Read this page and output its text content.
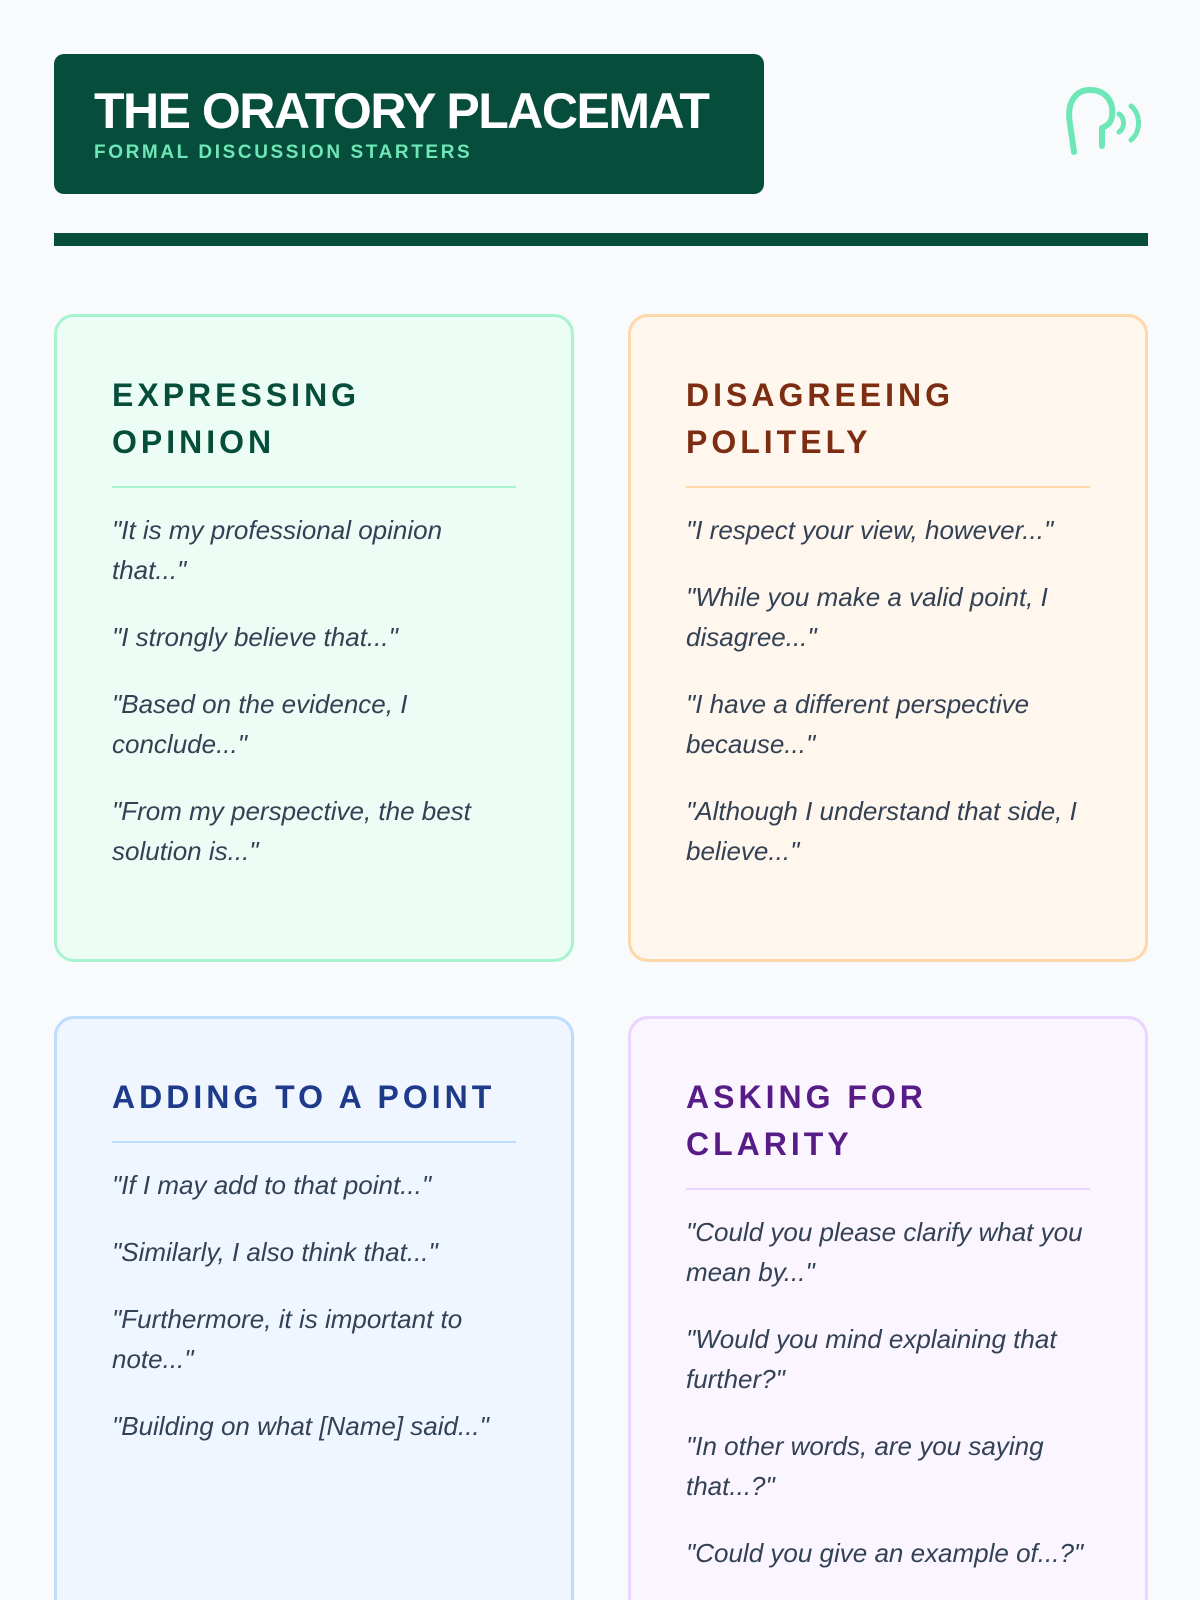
THE ORATORY PLACEMAT
FORMAL DISCUSSION STARTERS
EXPRESSING OPINION

"It is my professional opinion that..."

"I strongly believe that..."

"Based on the evidence, I conclude..."

"From my perspective, the best solution is..."

DISAGREEING POLITELY

"I respect your view, however..."

"While you make a valid point, I disagree..."

"I have a different perspective because..."

"Although I understand that side, I believe..."

ADDING TO A POINT

"If I may add to that point..."

"Similarly, I also think that..."

"Furthermore, it is important to note..."

"Building on what [Name] said..."

ASKING FOR CLARITY

"Could you please clarify what you mean by..."

"Would you mind explaining that further?"

"In other words, are you saying that...?"

"Could you give an example of...?"
